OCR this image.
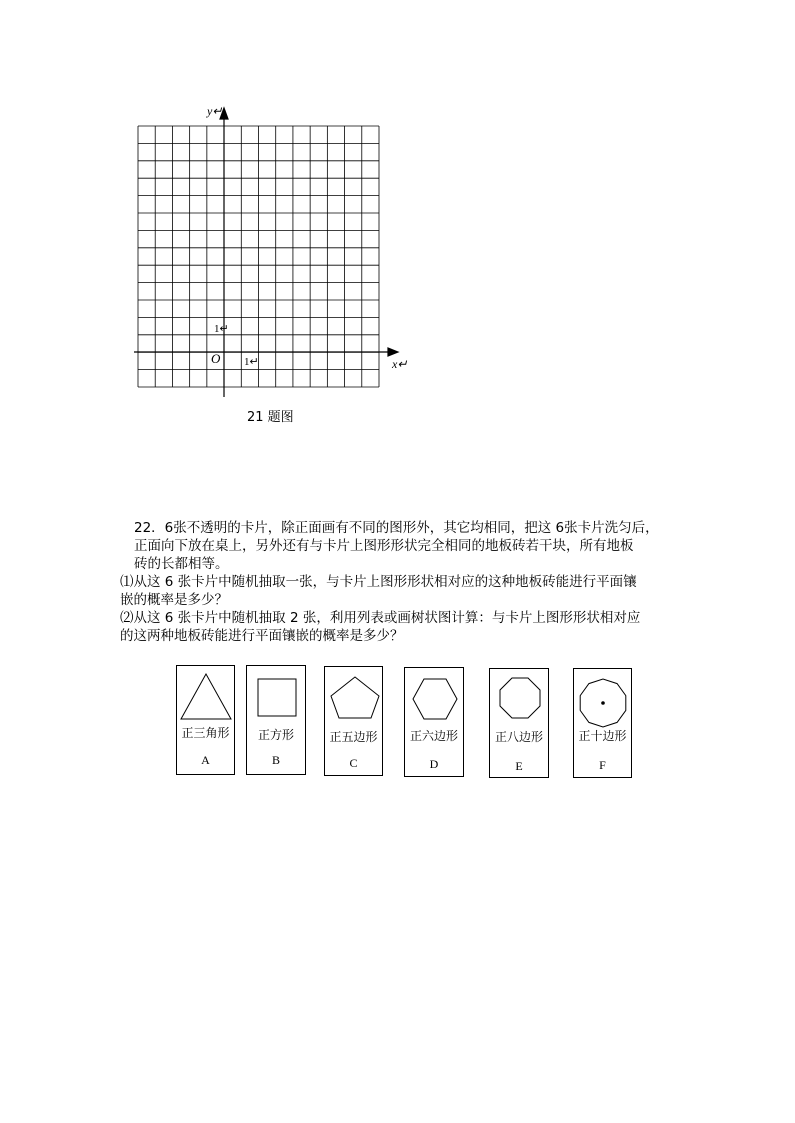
y↵
x↵
O
1↵
1↵
21 题图
22．6张不透明的卡片，除正面画有不同的图形外，其它均相同，把这 6张卡片洗匀后，
正面向下放在桌上，另外还有与卡片上图形形状完全相同的地板砖若干块，所有地板
砖的长都相等。
⑴从这 6 张卡片中随机抽取一张，与卡片上图形形状相对应的这种地板砖能进行平面镶
嵌的概率是多少？
⑵从这 6 张卡片中随机抽取 2 张，利用列表或画树状图计算：与卡片上图形形状相对应
的这两种地板砖能进行平面镶嵌的概率是多少？
正三角形
A
正方形
B
正五边形
C
正六边形
D
正八边形
E
正十边形
F
